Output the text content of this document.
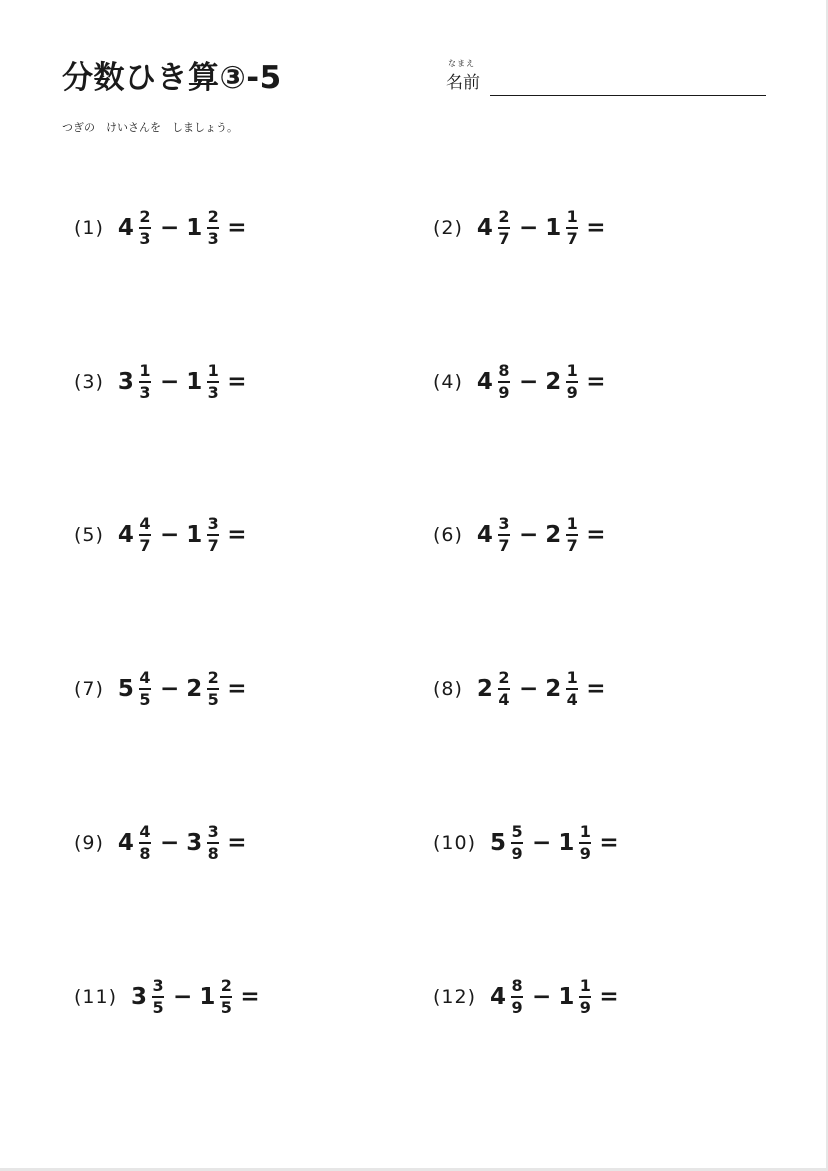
分数ひき算③-5	なまえ
名前
つぎの　けいさんを　しましょう。
(1) $4 \frac{2}{3} - 1 \frac{2}{3}$ =	(2) $4 \frac{2}{7} - 1 \frac{1}{7}$ =
(3) $3 \frac{1}{3} - 1 \frac{1}{3}$ =	(4) $4 \frac{8}{9} - 2 \frac{1}{9}$ =
(5) $4 \frac{4}{7} - 1 \frac{3}{7}$ =	(6) $4 \frac{3}{7} - 2 \frac{1}{7}$ =
(7) $5 \frac{4}{5} - 2 \frac{2}{5}$ =	(8) $2 \frac{2}{4} - 2 \frac{1}{4}$ =
(9) $4 \frac{4}{8} - 3 \frac{3}{8}$ =	(10) $5 \frac{5}{9} - 1 \frac{1}{9}$ =
(11) $3 \frac{3}{5} - 1 \frac{2}{5}$ =	(12) $4 \frac{8}{9} - 1 \frac{1}{9}$ =
